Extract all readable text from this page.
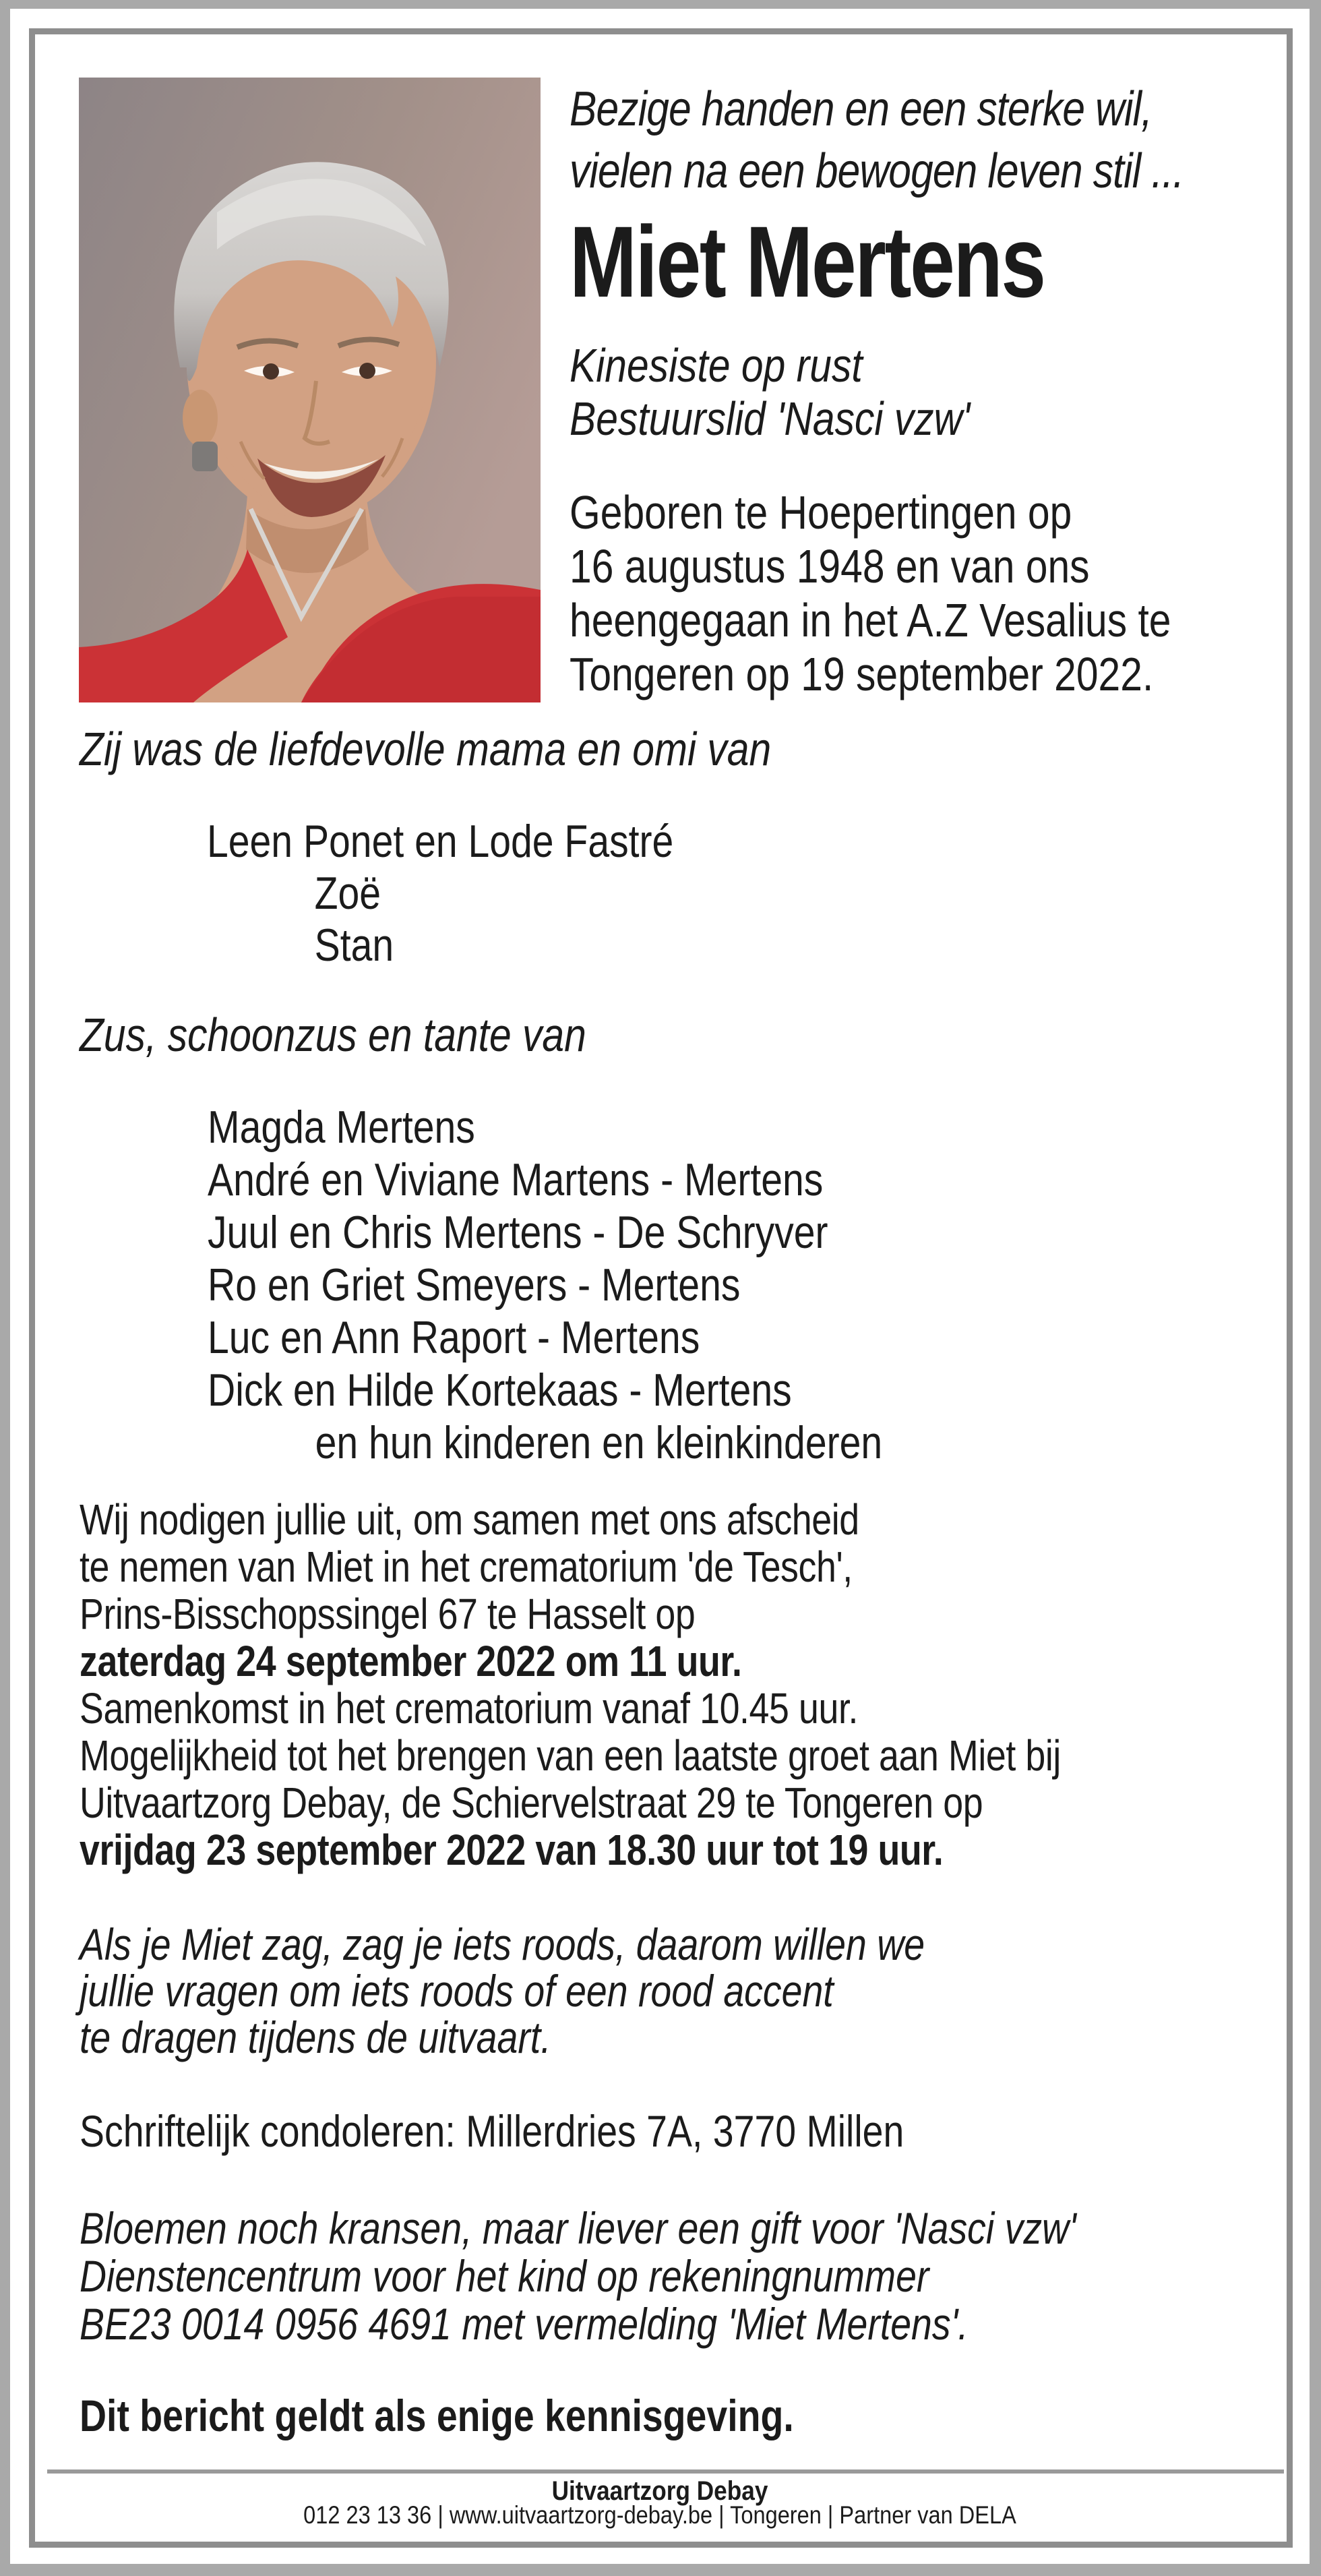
Bezige handen en een sterke wil,
vielen na een bewogen leven stil ...
Miet Mertens
Kinesiste op rust
Bestuurslid 'Nasci vzw'
Geboren te Hoepertingen op
16 augustus 1948 en van ons
heengegaan in het A.Z Vesalius te
Tongeren op 19 september 2022.
Zij was de liefdevolle mama en omi van
Leen Ponet en Lode Fastré
Zoë
Stan
Zus, schoonzus en tante van
Magda Mertens
André en Viviane Martens - Mertens
Juul en Chris Mertens - De Schryver
Ro en Griet Smeyers - Mertens
Luc en Ann Raport - Mertens
Dick en Hilde Kortekaas - Mertens
en hun kinderen en kleinkinderen
Wij nodigen jullie uit, om samen met ons afscheid
te nemen van Miet in het crematorium 'de Tesch',
Prins-Bisschopssingel 67 te Hasselt op
zaterdag 24 september 2022 om 11 uur.
Samenkomst in het crematorium vanaf 10.45 uur.
Mogelijkheid tot het brengen van een laatste groet aan Miet bij
Uitvaartzorg Debay, de Schiervelstraat 29 te Tongeren op
vrijdag 23 september 2022 van 18.30 uur tot 19 uur.
Als je Miet zag, zag je iets roods, daarom willen we
jullie vragen om iets roods of een rood accent
te dragen tijdens de uitvaart.
Schriftelijk condoleren: Millerdries 7A, 3770 Millen
Bloemen noch kransen, maar liever een gift voor 'Nasci vzw'
Dienstencentrum voor het kind op rekeningnummer
BE23 0014 0956 4691 met vermelding 'Miet Mertens'.
Dit bericht geldt als enige kennisgeving.
Uitvaartzorg Debay
012 23 13 36 | www.uitvaartzorg-debay.be | Tongeren | Partner van DELA
